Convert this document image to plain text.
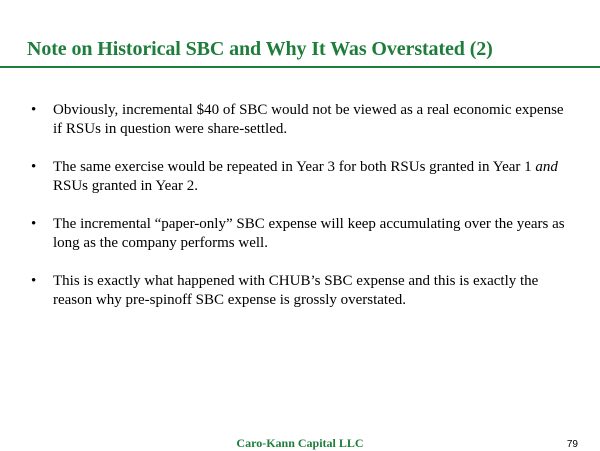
Note on Historical SBC and Why It Was Overstated (2)
• Obviously, incremental $40 of SBC would not be viewed as a real economic expense if RSUs in question were share-settled.
• The same exercise would be repeated in Year 3 for both RSUs granted in Year 1 and RSUs granted in Year 2.
• The incremental “paper-only” SBC expense will keep accumulating over the years as long as the company performs well.
• This is exactly what happened with CHUB’s SBC expense and this is exactly the reason why pre-spinoff SBC expense is grossly overstated.
Caro-Kann Capital LLC	79
